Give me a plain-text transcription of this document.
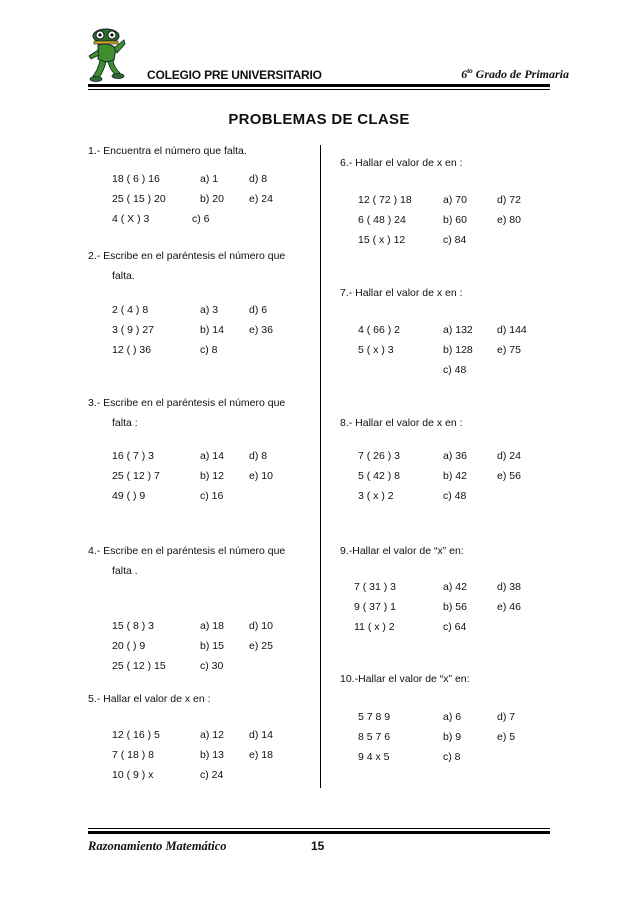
COLEGIO PRE UNIVERSITARIO	$6^{to}$ Grado de Primaria
PROBLEMAS DE CLASE
1.- Encuentra el número que falta.
18 ( 6 ) 16	a) 1	d) 8
25 ( 15 ) 20	b) 20 e) 24
4 ( X ) 3	c) 6
2.- Escribe en el paréntesis el número que
falta.
2 ( 4 ) 8	a) 3	d) 6
3 ( 9 ) 27	b) 14 e) 36
12 ( ) 36	c) 8
3.- Escribe en el paréntesis el número que
falta :
16 ( 7 ) 3	a) 14 d) 8
25 ( 12 ) 7	b) 12 e) 10
49 ( ) 9	c) 16
4.- Escribe en el paréntesis el número que
falta .
15 ( 8 ) 3	a) 18 d) 10
20 ( ) 9	b) 15 e) 25
25 ( 12 ) 15	c) 30
5.- Hallar el valor de x en :
12 ( 16 ) 5	a) 12 d) 14
7 ( 18 ) 8	b) 13 e) 18
10 ( 9 ) x	c) 24
6.- Hallar el valor de x en :
12 ( 72 ) 18	a) 70	d) 72
6 ( 48 ) 24	b) 60	e) 80
15 ( x ) 12	c) 84
7.- Hallar el valor de x en :
4 ( 66 ) 2	a) 132 d) 144
5 ( x ) 3	b) 128 e) 75
c) 48
8.- Hallar el valor de x en :
7 ( 26 ) 3	a) 36	d) 24
5 ( 42 ) 8	b) 42	e) 56
3 ( x ) 2	c) 48
9.-Hallar el valor de “x” en:
7 ( 31 ) 3	a) 42	d) 38
9 ( 37 ) 1	b) 56	e) 46
11 ( x ) 2	c) 64
10.-Hallar el valor de “x” en:
5 7 8 9	a) 6	d) 7
8 5 7 6	b) 9	e) 5
9 4 x 5	c) 8
Razonamiento Matemático	15
